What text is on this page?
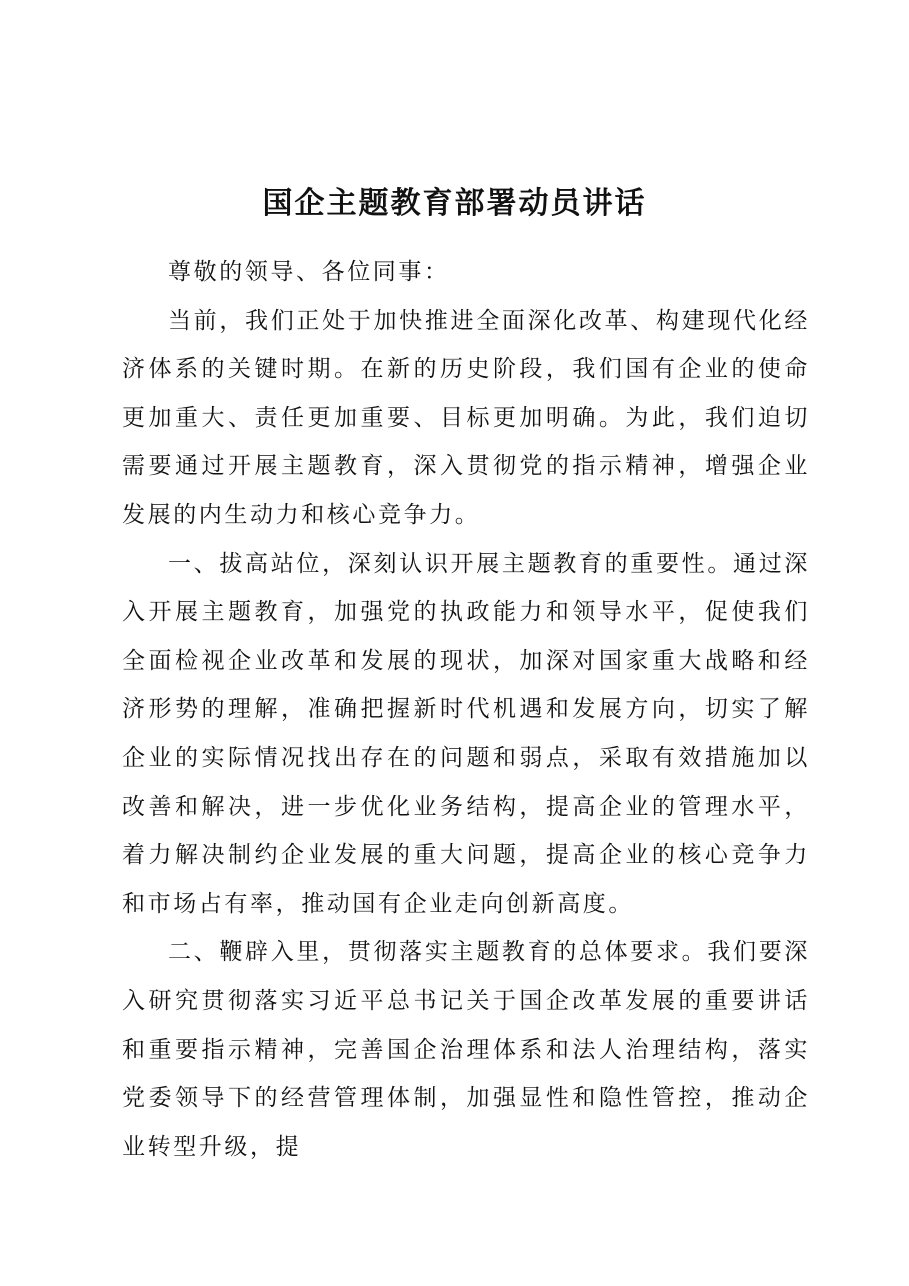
国企主题教育部署动员讲话

尊敬的领导、各位同事：

当前，我们正处于加快推进全面深化改革、构建现代化经济体系的关键时期。在新的历史阶段，我们国有企业的使命更加重大、责任更加重要、目标更加明确。为此，我们迫切需要通过开展主题教育，深入贯彻党的指示精神，增强企业发展的内生动力和核心竞争力。

一、拔高站位，深刻认识开展主题教育的重要性。通过深入开展主题教育，加强党的执政能力和领导水平，促使我们全面检视企业改革和发展的现状，加深对国家重大战略和经济形势的理解，准确把握新时代机遇和发展方向，切实了解企业的实际情况找出存在的问题和弱点，采取有效措施加以改善和解决，进一步优化业务结构，提高企业的管理水平，着力解决制约企业发展的重大问题，提高企业的核心竞争力和市场占有率，推动国有企业走向创新高度。

二、鞭辟入里，贯彻落实主题教育的总体要求。我们要深入研究贯彻落实习近平总书记关于国企改革发展的重要讲话和重要指示精神，完善国企治理体系和法人治理结构，落实党委领导下的经营管理体制，加强显性和隐性管控，推动企业转型升级，提
